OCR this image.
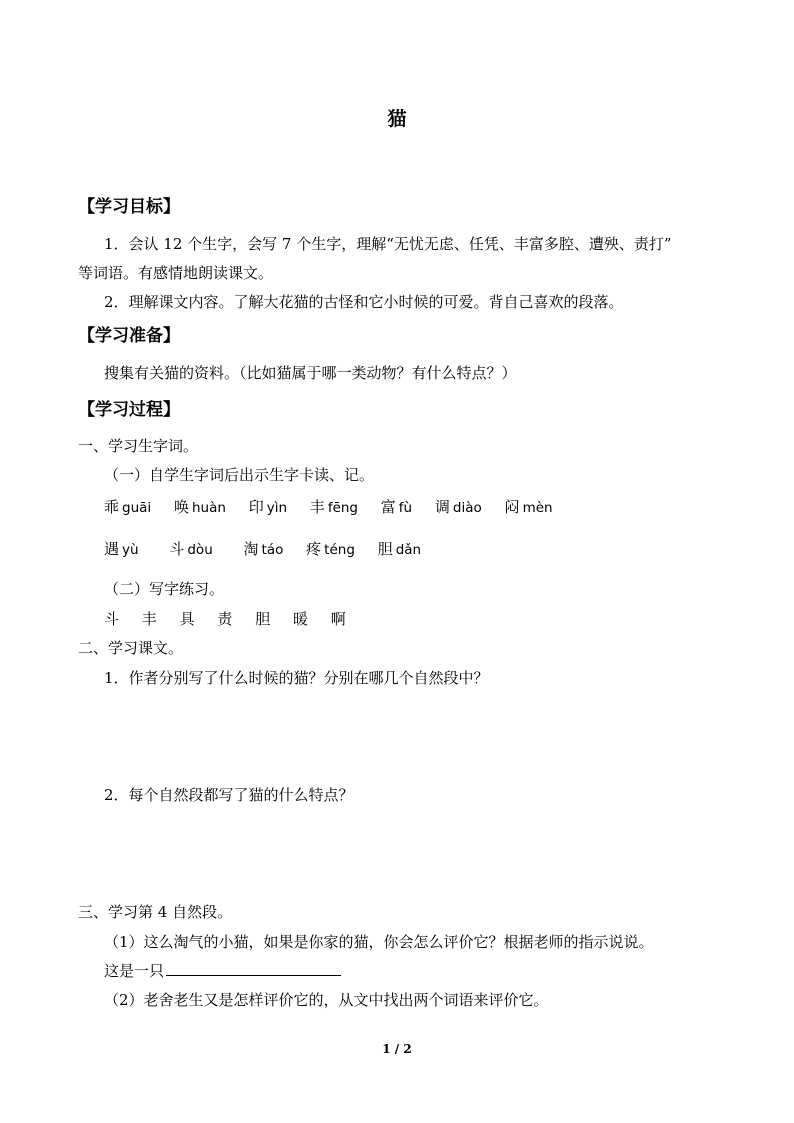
猫
【学习目标】
1．会认 12 个生字，会写 7 个生字，理解“无忧无虑、任凭、丰富多腔、遭殃、责打”
等词语。有感情地朗读课文。
2．理解课文内容。了解大花猫的古怪和它小时候的可爱。背自己喜欢的段落。
【学习准备】
搜集有关猫的资料。（比如猫属于哪一类动物？有什么特点？）
【学习过程】
一、学习生字词。
（一）自学生字词后出示生字卡读、记。
乖 guāi 唤 huàn 印 yìn 丰 fēng 富 fù 调 diào 闷 mèn
遇 yù 斗 dòu 淘 táo 疼 téng 胆 dǎn
（二）写字练习。
斗 丰 具 责 胆 暖 啊
二、学习课文。
1．作者分别写了什么时候的猫？分别在哪几个自然段中？
2．每个自然段都写了猫的什么特点？
三、学习第 4 自然段。
（1）这么淘气的小猫，如果是你家的猫，你会怎么评价它？根据老师的指示说说。
这是一只
（2）老舍老生又是怎样评价它的，从文中找出两个词语来评价它。
1 / 2
